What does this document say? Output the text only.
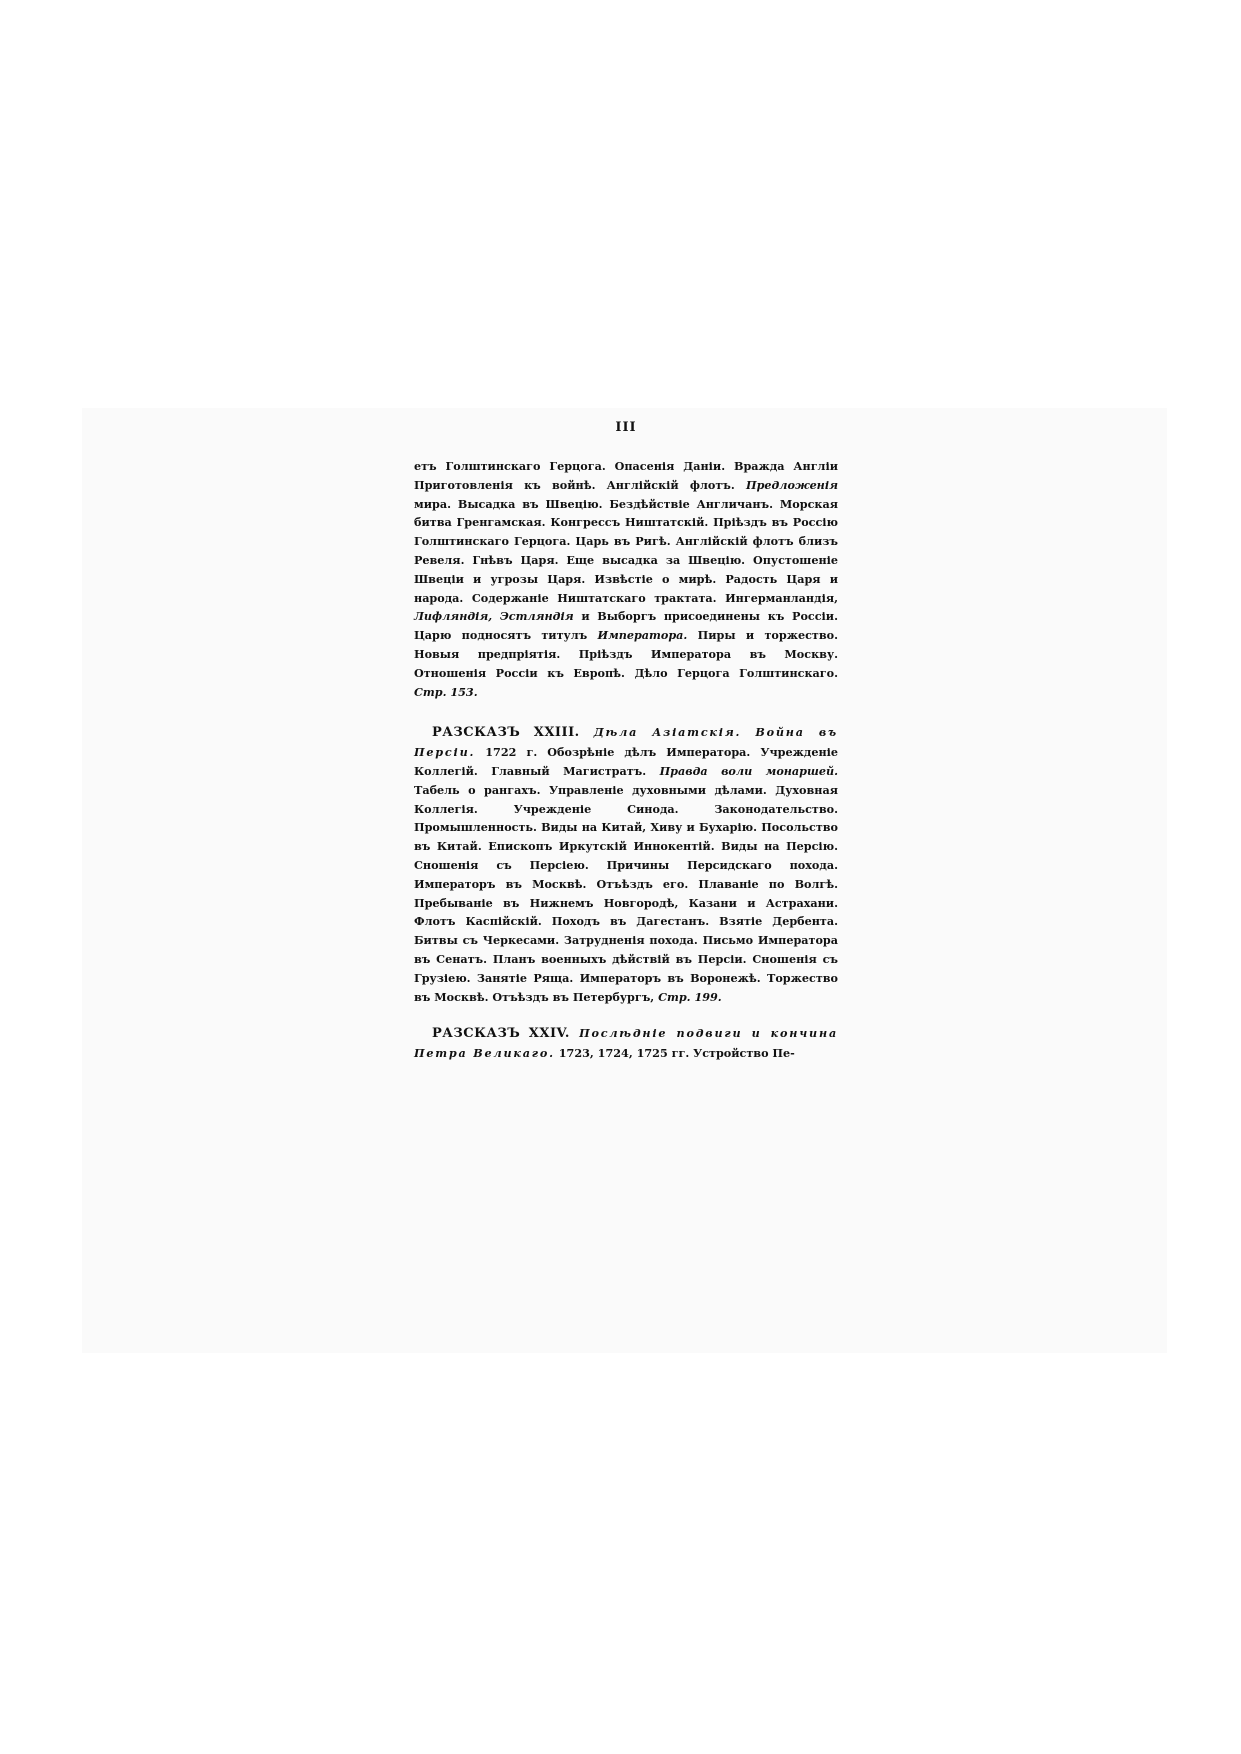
III

етъ Голштинскаго Герцога. Опасенія Даніи. Вражда Англіи Приготовленія къ войнѣ. Англійскій флотъ. Предложенія мира. Высадка въ Швецію. Бездѣйствіе Англичанъ. Морская битва Гренгамская. Конгрессъ Ништатскій. Пріѣздъ въ Россію Голштинскаго Герцога. Царь въ Ригѣ. Англійскій флотъ близъ Ревеля. Гнѣвъ Царя. Еще высадка за Швецію. Опустошеніе Швеціи и угрозы Царя. Извѣстіе о мирѣ. Радость Царя и народа. Содержаніе Ништатскаго трактата. Ингерманландія, Лифляндія, Эстляндія и Выборгъ присоединены къ Россіи. Царю подносятъ титулъ Императора. Пиры и торжество. Новыя предпріятія. Пріѣздъ Императора въ Москву. Отношенія Россіи къ Европѣ. Дѣло Герцога Голштинскаго. Стр. 153.

РАЗСКАЗЪ XXIII. Дѣла Азіатскія. Война въ Персіи. 1722 г. Обозрѣніе дѣлъ Императора. Учрежденіе Коллегій. Главный Магистратъ. Правда воли монаршей. Табель о рангахъ. Управленіе духовными дѣлами. Духовная Коллегія. Учрежденіе Синода. Законодательство. Промышленность. Виды на Китай, Хиву и Бухарію. Посольство въ Китай. Епископъ Иркутскій Иннокентій. Виды на Персію. Сношенія съ Персіею. Причины Персидскаго похода. Императоръ въ Москвѣ. Отъѣздъ его. Плаваніе по Волгѣ. Пребываніе въ Нижнемъ Новгородѣ, Казани и Астрахани. Флотъ Каспійскій. Походъ въ Дагестанъ. Взятіе Дербента. Битвы съ Черкесами. Затрудненія похода. Письмо Императора въ Сенатъ. Планъ военныхъ дѣйствій въ Персіи. Сношенія съ Грузіею. Занятіе Ряща. Императоръ въ Воронежѣ. Торжество въ Москвѣ. Отъѣздъ въ Петербургъ, Стр. 199.

РАЗСКАЗЪ XXIV. Послѣдніе подвиги и кончина Петра Великаго. 1723, 1724, 1725 гг. Устройство Пе-
